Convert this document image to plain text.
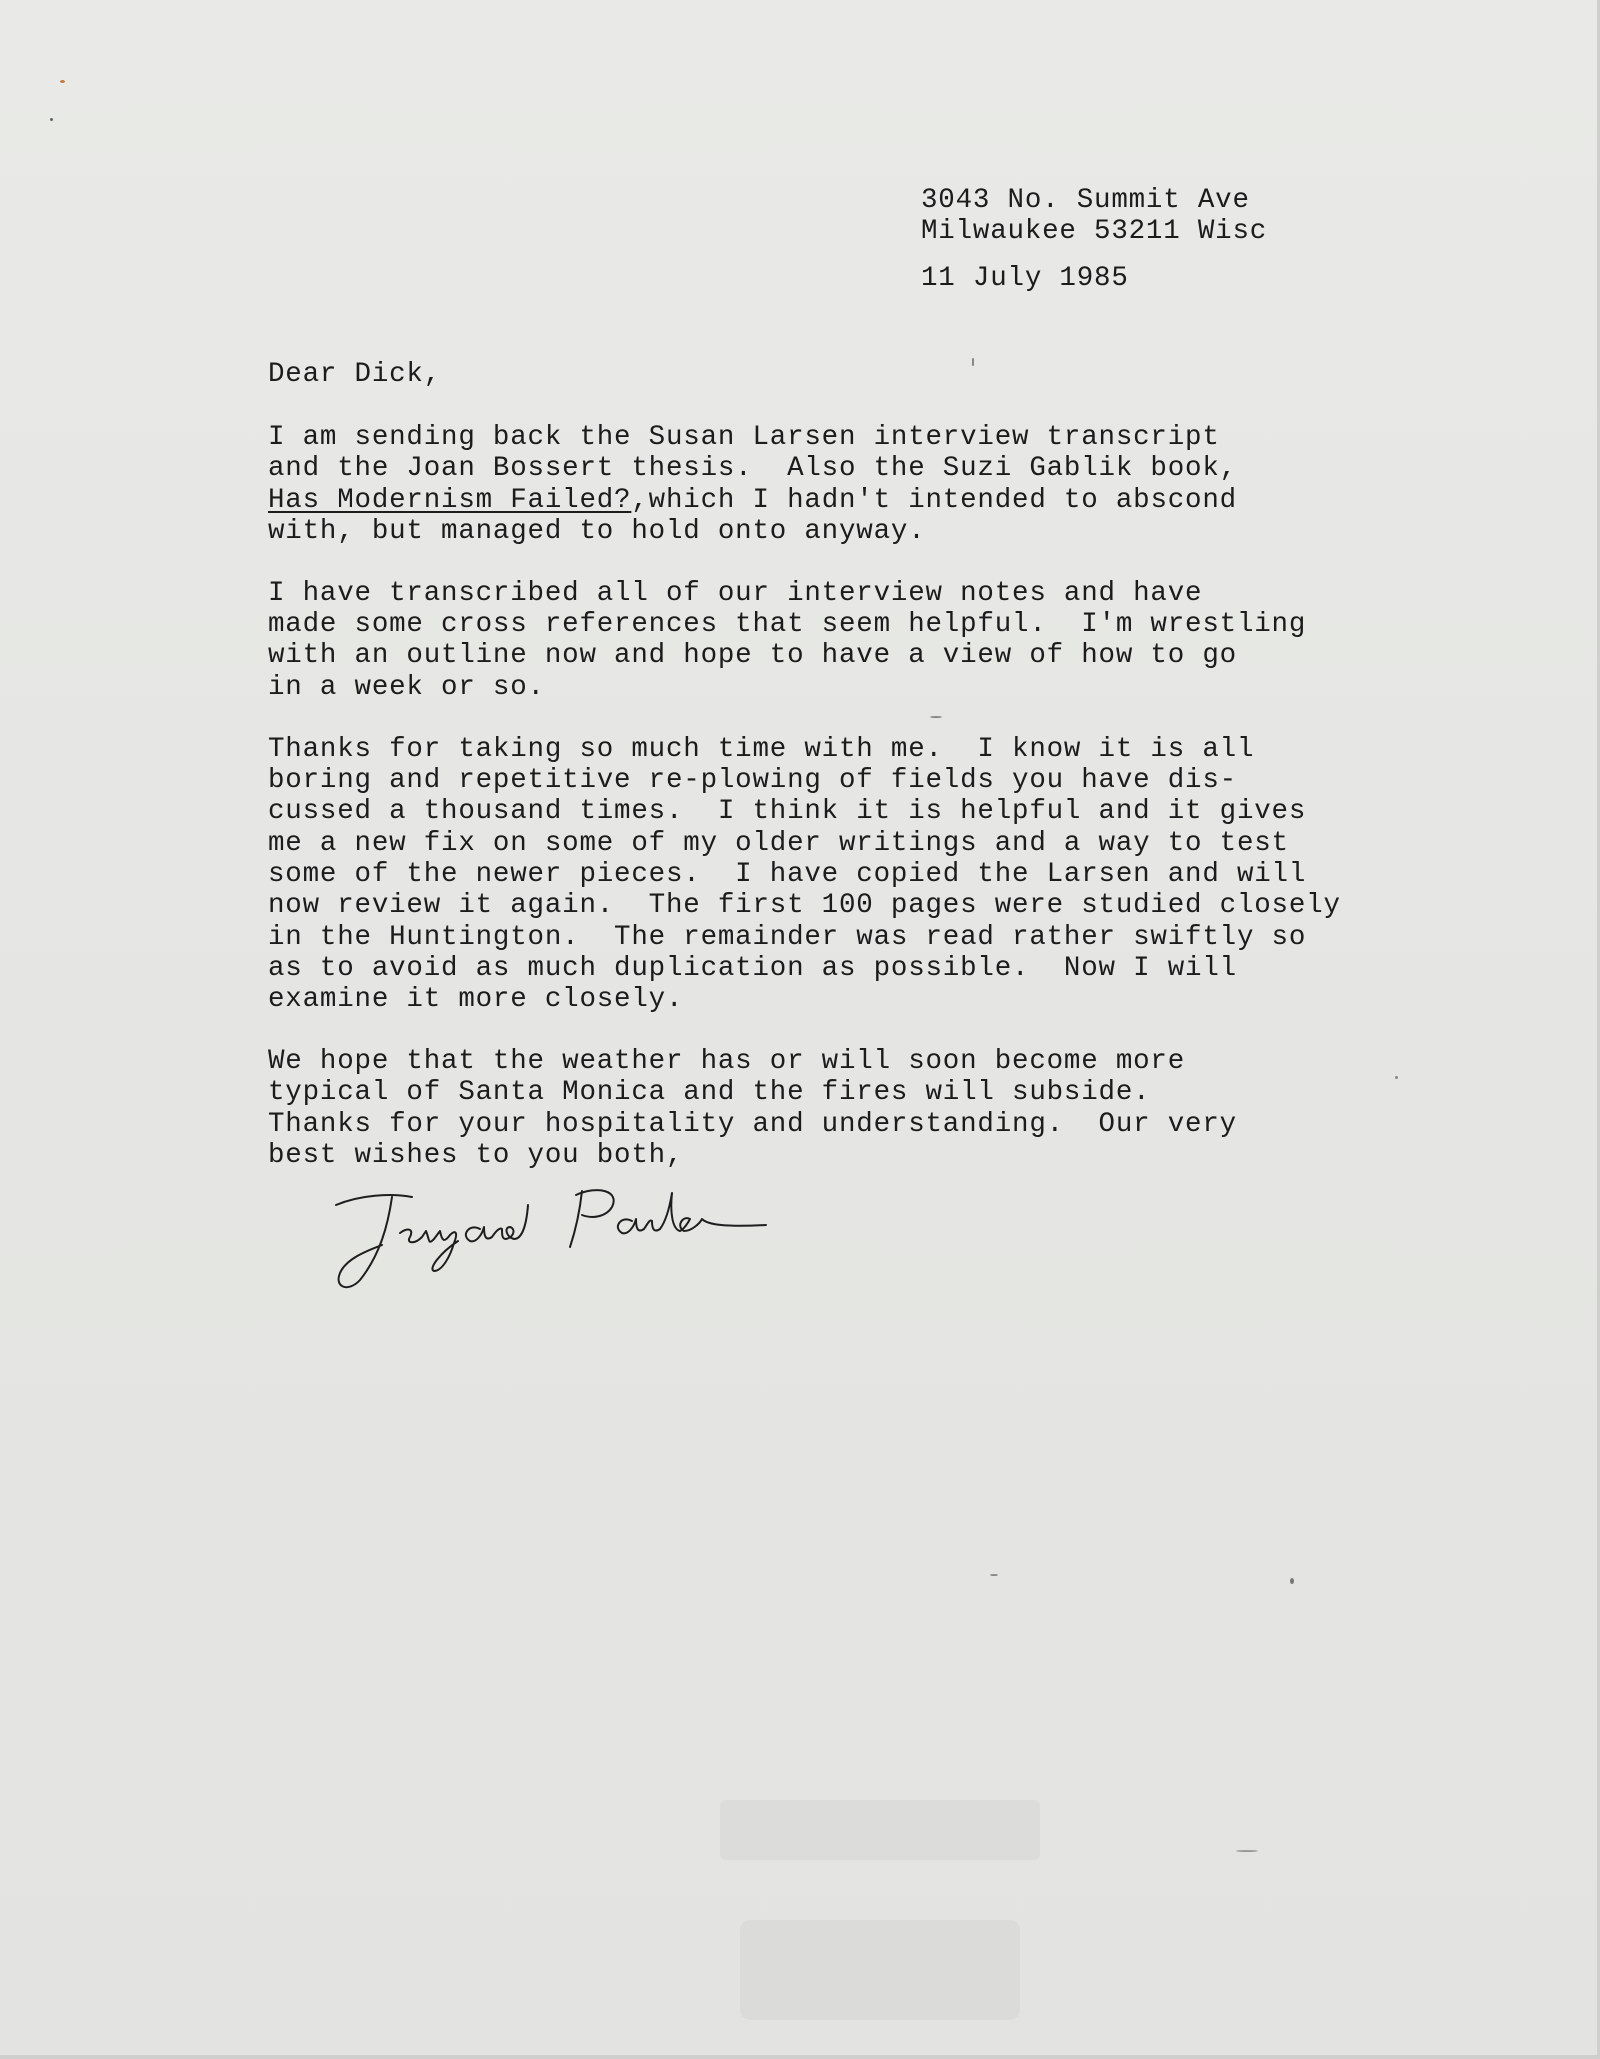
3043 No. Summit Ave
Milwaukee 53211 Wisc
11 July 1985
Dear Dick,
I am sending back the Susan Larsen interview transcript
and the Joan Bossert thesis.  Also the Suzi Gablik book,
Has Modernism Failed?,which I hadn't intended to abscond
with, but managed to hold onto anyway.
I have transcribed all of our interview notes and have
made some cross references that seem helpful.  I'm wrestling
with an outline now and hope to have a view of how to go
in a week or so.
Thanks for taking so much time with me.  I know it is all
boring and repetitive re-plowing of fields you have dis-
cussed a thousand times.  I think it is helpful and it gives
me a new fix on some of my older writings and a way to test
some of the newer pieces.  I have copied the Larsen and will
now review it again.  The first 100 pages were studied closely
in the Huntington.  The remainder was read rather swiftly so
as to avoid as much duplication as possible.  Now I will
examine it more closely.
We hope that the weather has or will soon become more
typical of Santa Monica and the fires will subside.
Thanks for your hospitality and understanding.  Our very
best wishes to you both,
